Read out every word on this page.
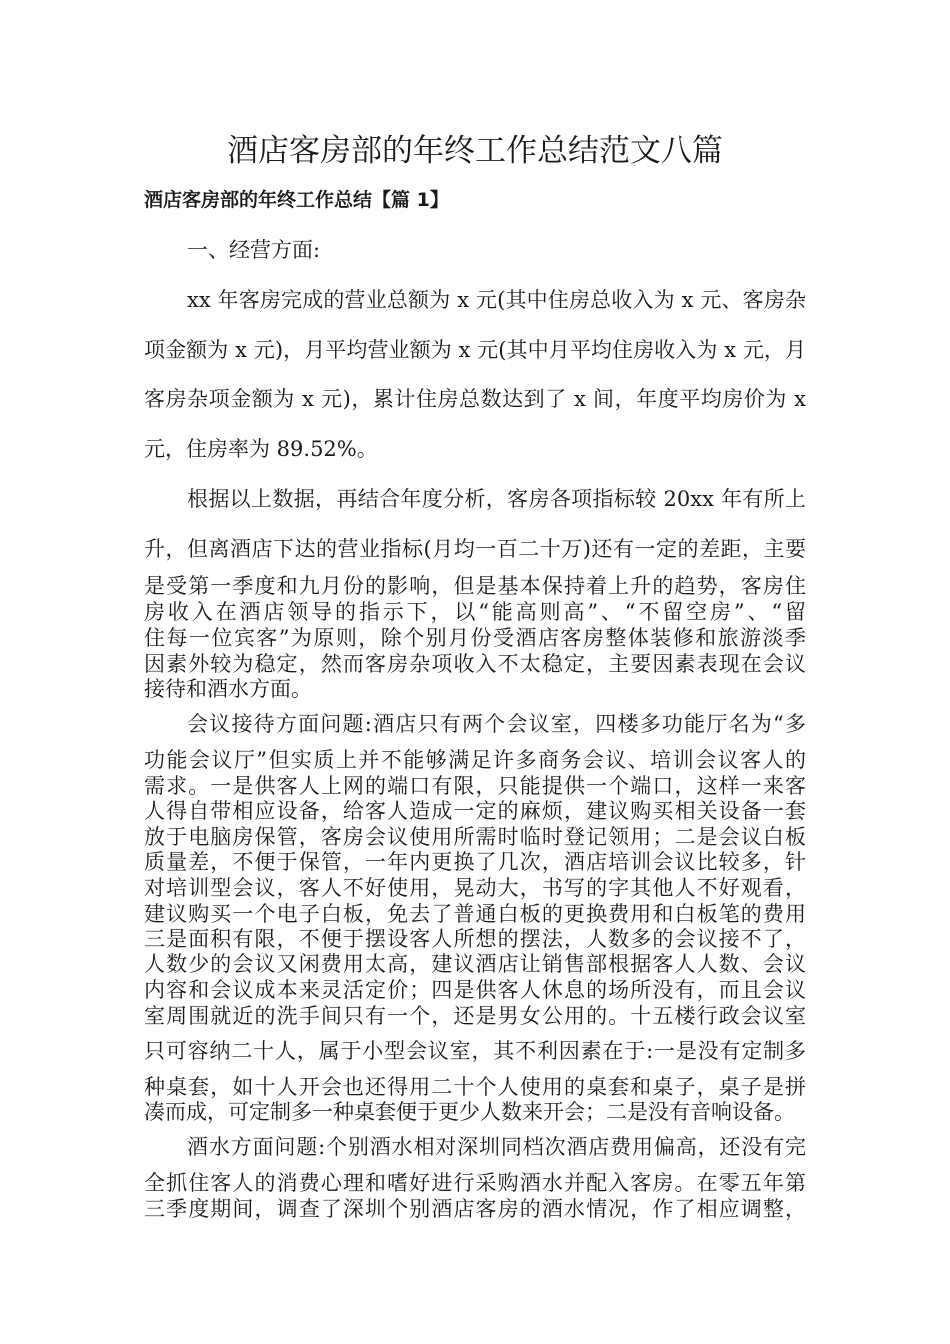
酒店客房部的年终工作总结范文八篇
酒店客房部的年终工作总结【篇 1】

一、经营方面:

xx 年客房完成的营业总额为 x 元(其中住房总收入为 x 元、客房杂

项金额为 x 元)，月平均营业额为 x 元(其中月平均住房收入为 x 元，月

客房杂项金额为 x 元)，累计住房总数达到了 x 间，年度平均房价为 x

元，住房率为 89.52%。

根据以上数据，再结合年度分析，客房各项指标较 20xx 年有所上

升，但离酒店下达的营业指标(月均一百二十万)还有一定的差距，主要

是受第一季度和九月份的影响，但是基本保持着上升的趋势，客房住

房收入在酒店领导的指示下，以“能高则高”、“不留空房”、“留

住每一位宾客”为原则，除个别月份受酒店客房整体装修和旅游淡季

因素外较为稳定，然而客房杂项收入不太稳定，主要因素表现在会议

接待和酒水方面。

会议接待方面问题:酒店只有两个会议室，四楼多功能厅名为“多

功能会议厅”但实质上并不能够满足许多商务会议、培训会议客人的

需求。一是供客人上网的端口有限，只能提供一个端口，这样一来客

人得自带相应设备，给客人造成一定的麻烦，建议购买相关设备一套

放于电脑房保管，客房会议使用所需时临时登记领用；二是会议白板

质量差，不便于保管，一年内更换了几次，酒店培训会议比较多，针

对培训型会议，客人不好使用，晃动大，书写的字其他人不好观看，

建议购买一个电子白板，免去了普通白板的更换费用和白板笔的费用

三是面积有限，不便于摆设客人所想的摆法，人数多的会议接不了，

人数少的会议又闲费用太高，建议酒店让销售部根据客人人数、会议

内容和会议成本来灵活定价；四是供客人休息的场所没有，而且会议

室周围就近的洗手间只有一个，还是男女公用的。十五楼行政会议室

只可容纳二十人，属于小型会议室，其不利因素在于:一是没有定制多

种桌套，如十人开会也还得用二十个人使用的桌套和桌子，桌子是拼

凑而成，可定制多一种桌套便于更少人数来开会；二是没有音响设备。

酒水方面问题:个别酒水相对深圳同档次酒店费用偏高，还没有完

全抓住客人的消费心理和嗜好进行采购酒水并配入客房。在零五年第

三季度期间，调查了深圳个别酒店客房的酒水情况，作了相应调整，
